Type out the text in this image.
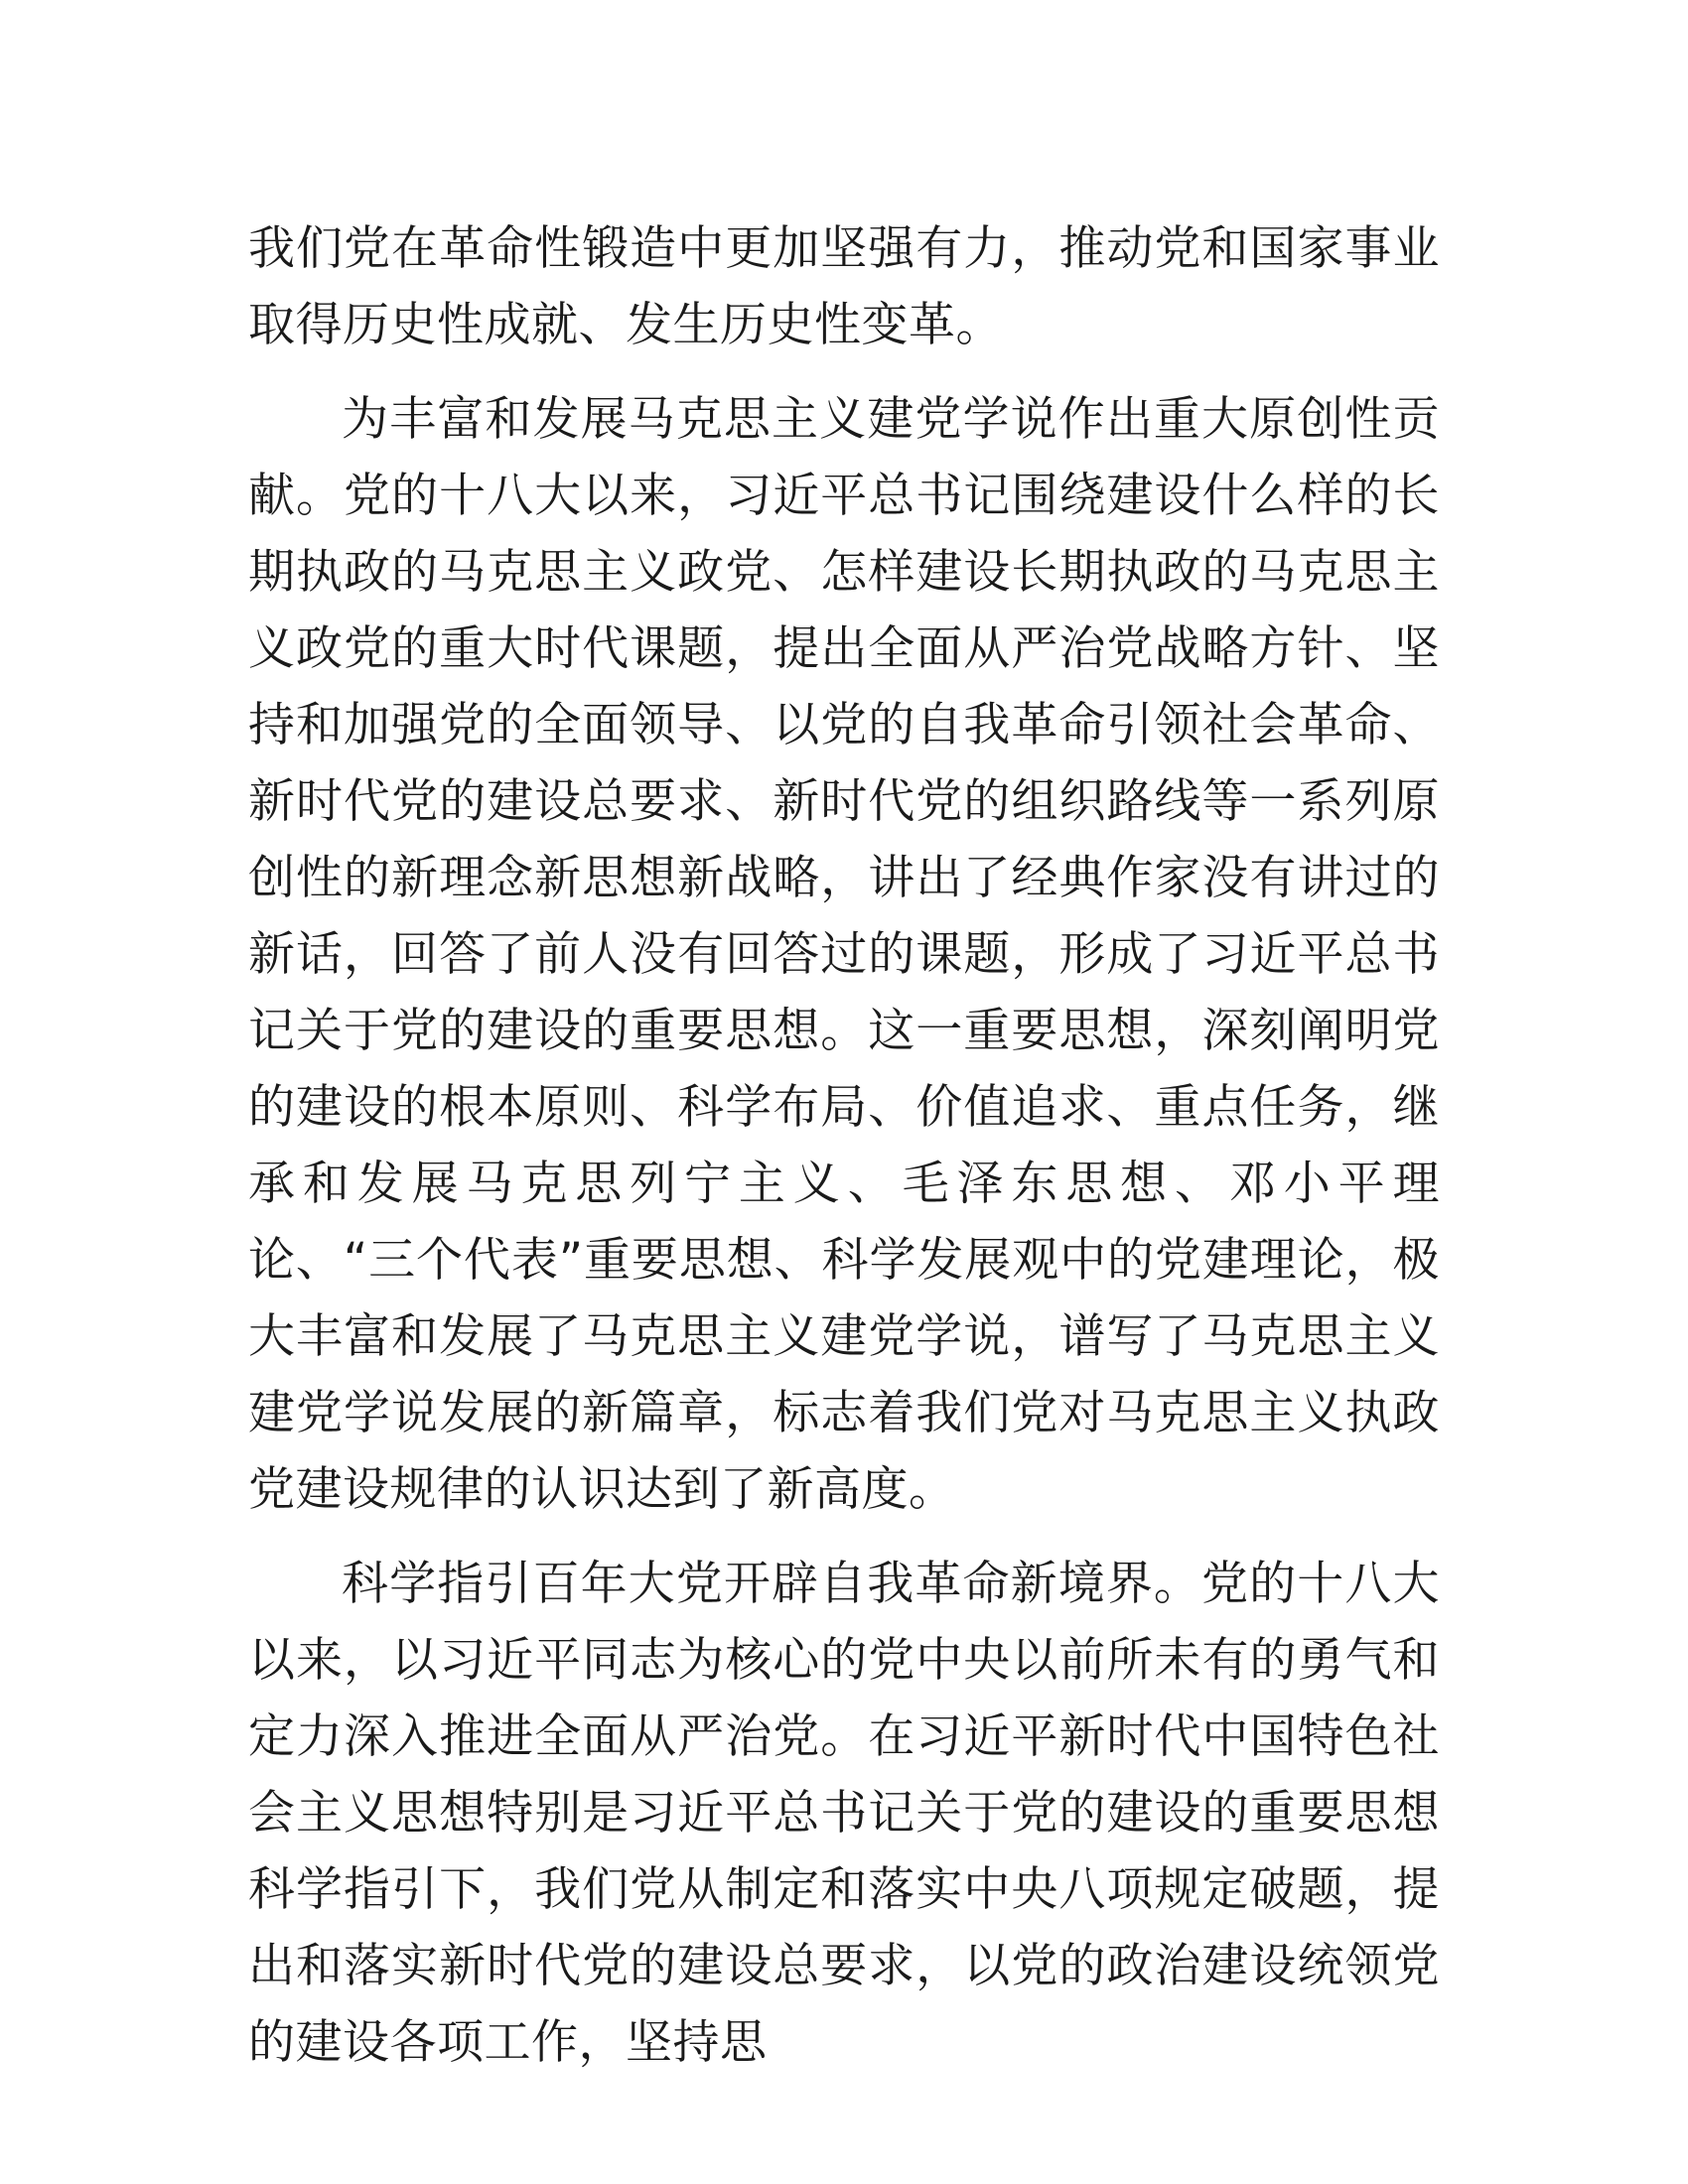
我们党在革命性锻造中更加坚强有力，推动党和国家事业取得历史性成就、发生历史性变革。

为丰富和发展马克思主义建党学说作出重大原创性贡献。党的十八大以来，习近平总书记围绕建设什么样的长期执政的马克思主义政党、怎样建设长期执政的马克思主义政党的重大时代课题，提出全面从严治党战略方针、坚持和加强党的全面领导、以党的自我革命引领社会革命、新时代党的建设总要求、新时代党的组织路线等一系列原创性的新理念新思想新战略，讲出了经典作家没有讲过的新话，回答了前人没有回答过的课题，形成了习近平总书记关于党的建设的重要思想。这一重要思想，深刻阐明党的建设的根本原则、科学布局、价值追求、重点任务，继承和发展马克思列宁主义、毛泽东思想、邓小平理论、“三个代表”重要思想、科学发展观中的党建理论，极大丰富和发展了马克思主义建党学说，谱写了马克思主义建党学说发展的新篇章，标志着我们党对马克思主义执政党建设规律的认识达到了新高度。

科学指引百年大党开辟自我革命新境界。党的十八大以来，以习近平同志为核心的党中央以前所未有的勇气和定力深入推进全面从严治党。在习近平新时代中国特色社会主义思想特别是习近平总书记关于党的建设的重要思想科学指引下，我们党从制定和落实中央八项规定破题，提出和落实新时代党的建设总要求，以党的政治建设统领党的建设各项工作，坚持思
